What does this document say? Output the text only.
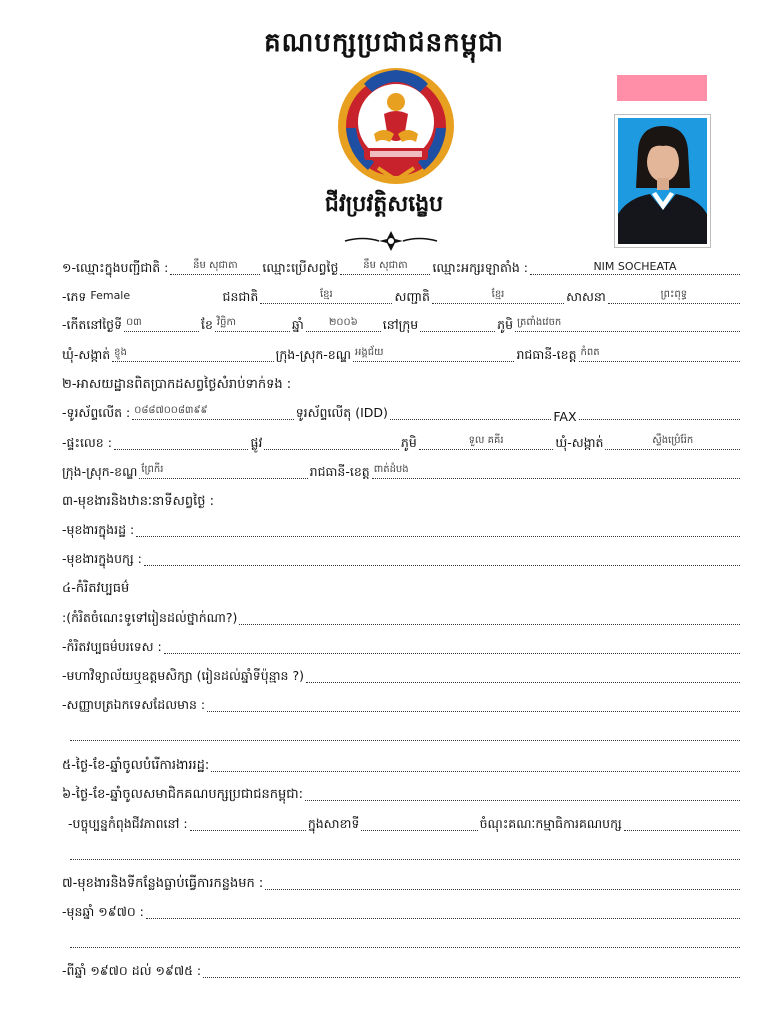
គណបក្សប្រជាជនកម្ពុជា
ជីវប្រវត្តិសង្ខេប
១-ឈ្មោះក្នុងបញ្ជីជាតិ :	នឹម សុជាតា	ឈ្មោះប្រើសព្វថ្ងៃ	នឹម សុជាតា	ឈ្មោះអក្សរឡាតាំង :	NIM SOCHEATA
-ភេទ Female	ជនជាតិ	ខ្មែរ	សញ្ជាតិ	ខ្មែរ	សាសនា	ព្រះពុទ្ធ
-កើតនៅថ្ងៃទី ០៣	ខែ វិច្ឆិកា	ឆ្នាំ	២០០៦	នៅក្រុម	ភូមិ ត្រពាំងវេចក
ឃុំ-សង្កាត់ ខ្ញូង	ក្រុង-ស្រុក-ខណ្ឌ អង្គជ័យ	រាជធានី-ខេត្ត កំពត
២-អាសយដ្ឋានពិតប្រាកដសព្វថ្ងៃសំរាប់ទាក់ទង :
-ទូរស័ព្ទលើត : ០៨៨៧០០៨៣៩៩	ទូរស័ព្ទលើតុ (IDD)	FAX
-ផ្ទះលេខ :	ផ្លូវ	ភូមិ	ទួល គគីរ	ឃុំ-សង្កាត់	ស្ទឹងប្រេំរ៉ែក
ក្រុង-ស្រុក-ខណ្ឌ ព្រែកីរ	រាជធានី-ខេត្ត ពាត់ដំបង
៣-មុខងារនិងឋានៈនាទីសព្វថ្ងៃ :
-មុខងារក្នុងរដ្ឋ :
-មុខងារក្នុងបក្ស :
៤-កំរិតវប្បធម៌
:(កំរិតចំណេះទូទៅរៀនដល់ថ្នាក់ណា?)
-កំរិតវប្បធម៌បរទេស :
-មហាវិទ្យាល័យឬឧត្តមសិក្សា (រៀនដល់ឆ្នាំទីប៉ុន្មាន ?)
-សញ្ញាបត្រឯកទេសដែលមាន :
៥-ថ្ងៃ-ខែ-ឆ្នាំចូលបំរើការងាររដ្ឋ:
៦-ថ្ងៃ-ខែ-ឆ្នាំចូលសមាជិកគណបក្សប្រជាជនកម្ពុជា:
-បច្ចុប្បន្នកំពុងជីវភាពនៅ :	ក្នុងសាខាទី	ចំណុះគណៈកម្មាធិការគណបក្ស
៧-មុខងារនិងទីកន្លែងធ្លាប់ធ្វើការកន្លងមក :
-មុនឆ្នាំ ១៩៧០ :
-ពីឆ្នាំ ១៩៧០ ដល់ ១៩៧៥ :
